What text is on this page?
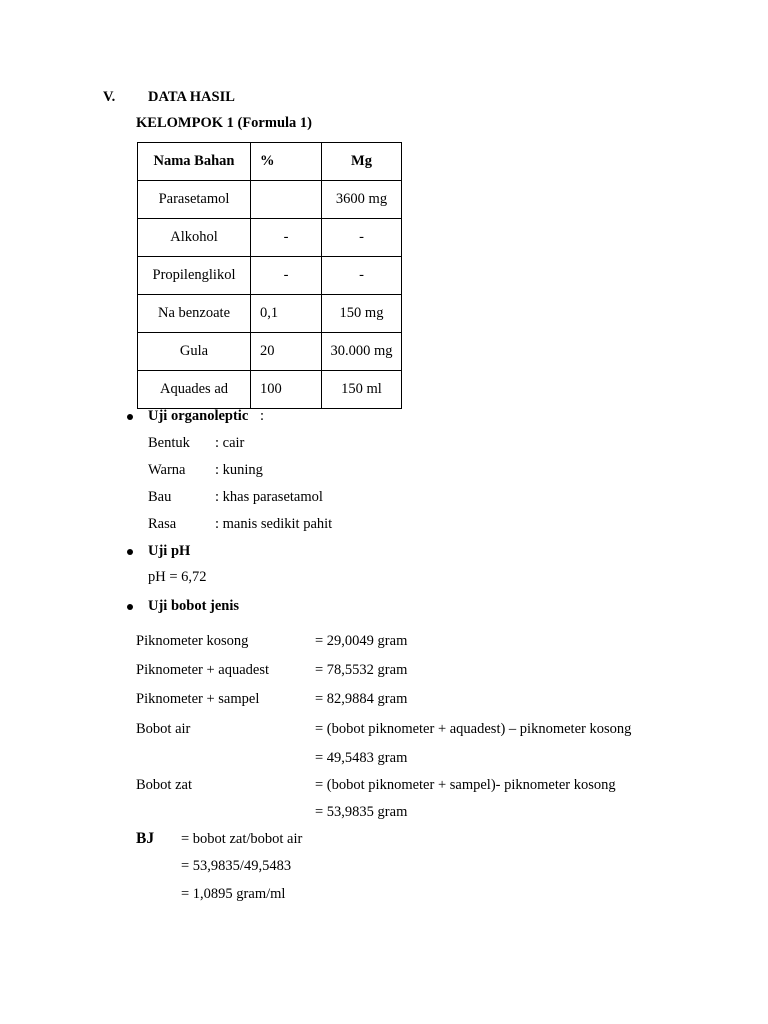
V. DATA HASIL
KELOMPOK 1 (Formula 1)
Nama Bahan	%	Mg
Parasetamol		3600 mg
Alkohol	-	-
Propilenglikol	-	-
Na benzoate	0,1	150 mg
Gula	20	30.000 mg
Aquades ad	100	150 ml
Uji organoleptic :
Bentuk : cair
Warna : kuning
Bau	: khas parasetamol
Rasa	: manis sedikit pahit
Uji pH
pH = 6,72
Uji bobot jenis
Piknometer kosong	= 29,0049 gram
Piknometer + aquadest	= 78,5532 gram
Piknometer + sampel	= 82,9884 gram
Bobot air	= (bobot piknometer + aquadest) – piknometer kosong
= 49,5483 gram
Bobot zat	= (bobot piknometer + sampel)- piknometer kosong
= 53,9835 gram
BJ = bobot zat/bobot air
= 53,9835/49,5483
= 1,0895 gram/ml
